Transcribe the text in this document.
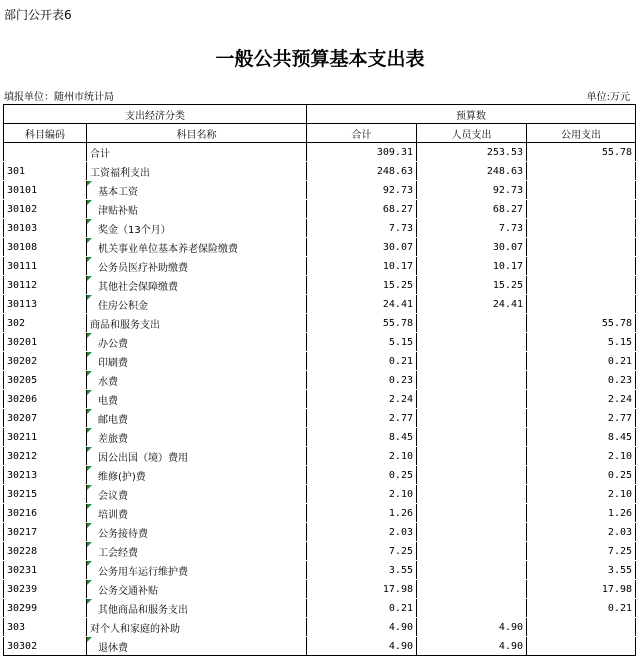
部门公开表6
一般公共预算基本支出表
填报单位：随州市统计局	单位:万元
支出经济分类		预算数		
科目编码	科目名称	合计	人员支出	公用支出
	合计	309.31	253.53	55.78
301	工资福利支出	248.63	248.63	
30101	基本工资	92.73	92.73	
30102	津贴补贴	68.27	68.27	
30103	奖金（13个月）	7.73	7.73	
30108	机关事业单位基本养老保险缴费	30.07	30.07	
30111	公务员医疗补助缴费	10.17	10.17	
30112	其他社会保障缴费	15.25	15.25	
30113	住房公积金	24.41	24.41	
302	商品和服务支出	55.78		55.78
30201	办公费	5.15		5.15
30202	印刷费	0.21		0.21
30205	水费	0.23		0.23
30206	电费	2.24		2.24
30207	邮电费	2.77		2.77
30211	差旅费	8.45		8.45
30212	因公出国（境）费用	2.10		2.10
30213	维修(护)费	0.25		0.25
30215	会议费	2.10		2.10
30216	培训费	1.26		1.26
30217	公务接待费	2.03		2.03
30228	工会经费	7.25		7.25
30231	公务用车运行维护费	3.55		3.55
30239	公务交通补贴	17.98		17.98
30299	其他商品和服务支出	0.21		0.21
303	对个人和家庭的补助	4.90	4.90	
30302	退休费	4.90	4.90	
